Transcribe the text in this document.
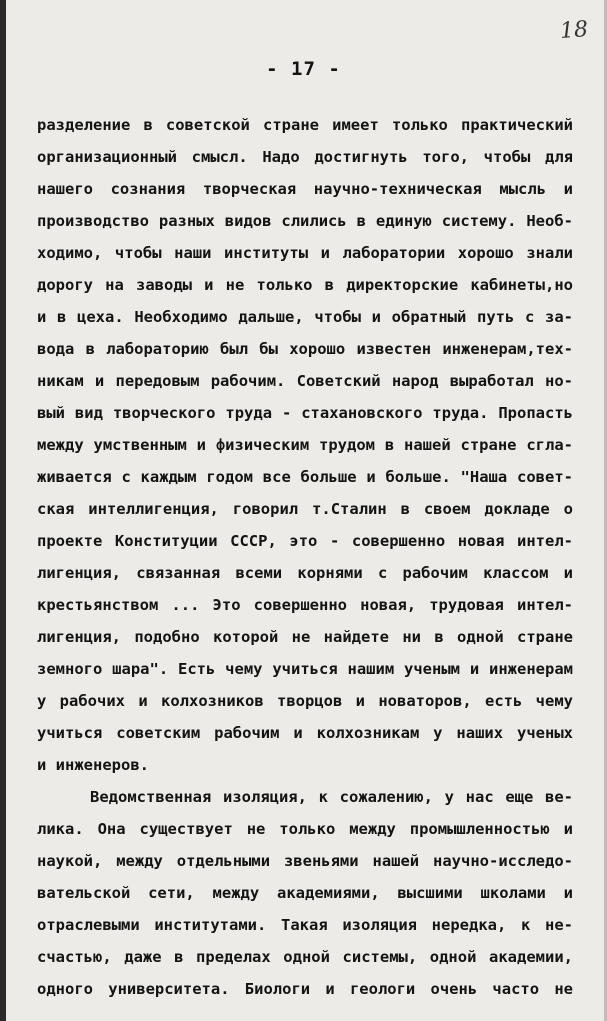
18
- 17 -
разделение в советской стране имеет только практический
организационный смысл. Надо достигнуть того, чтобы для
нашего сознания творческая научно-техническая мысль и
производство разных видов слились в единую систему. Необ-
ходимо, чтобы наши институты и лаборатории хорошо знали
дорогу на заводы и не только в директорские кабинеты,но
и в цеха. Необходимо дальше, чтобы и обратный путь с за-
вода в лабораторию был бы хорошо известен инженерам,тех-
никам и передовым рабочим. Советский народ выработал но-
вый вид творческого труда - стахановского труда. Пропасть
между умственным и физическим трудом в нашей стране сгла-
живается с каждым годом все больше и больше. "Наша совет-
ская интеллигенция, говорил т.Сталин в своем докладе о
проекте Конституции СССР, это - совершенно новая интел-
лигенция, связанная всеми корнями с рабочим классом и
крестьянством ... Это совершенно новая, трудовая интел-
лигенция, подобно которой не найдете ни в одной стране
земного шара". Есть чему учиться нашим ученым и инженерам
у рабочих и колхозников творцов и новаторов, есть чему
учиться советским рабочим и колхозникам у наших ученых
и инженеров.
Ведомственная изоляция, к сожалению, у нас еще ве-
лика. Она существует не только между промышленностью и
наукой, между отдельными звеньями нашей научно-исследо-
вательской сети, между академиями, высшими школами и
отраслевыми институтами. Такая изоляция нередка, к не-
счастью, даже в пределах одной системы, одной академии,
одного университета. Биологи и геологи очень часто не
